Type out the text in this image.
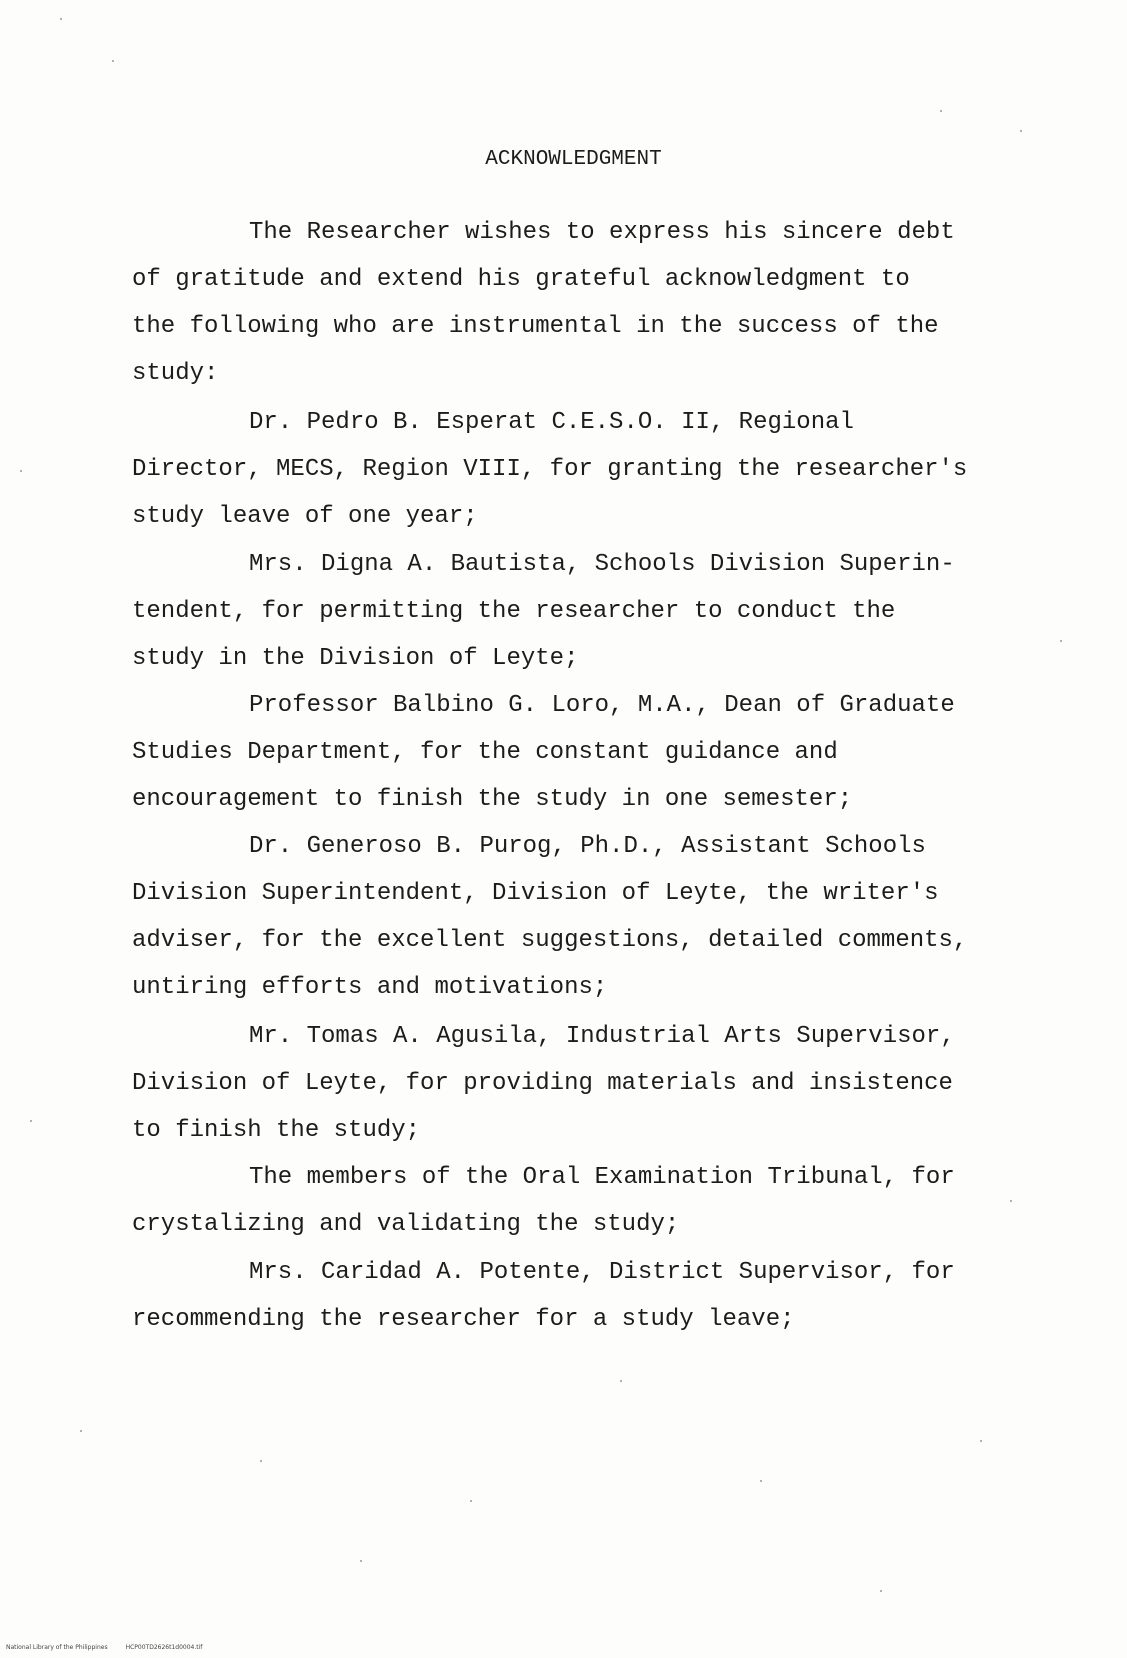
ACKNOWLEDGMENT
The Researcher wishes to express his sincere debt
of gratitude and extend his grateful acknowledgment to
the following who are instrumental in the success of the
study:
Dr. Pedro B. Esperat C.E.S.O. II, Regional
Director, MECS, Region VIII, for granting the researcher's
study leave of one year;
Mrs. Digna A. Bautista, Schools Division Superin-
tendent, for permitting the researcher to conduct the
study in the Division of Leyte;
Professor Balbino G. Loro, M.A., Dean of Graduate
Studies Department, for the constant guidance and
encouragement to finish the study in one semester;
Dr. Generoso B. Purog, Ph.D., Assistant Schools
Division Superintendent, Division of Leyte, the writer's
adviser, for the excellent suggestions, detailed comments,
untiring efforts and motivations;
Mr. Tomas A. Agusila, Industrial Arts Supervisor,
Division of Leyte, for providing materials and insistence
to finish the study;
The members of the Oral Examination Tribunal, for
crystalizing and validating the study;
Mrs. Caridad A. Potente, District Supervisor, for
recommending the researcher for a study leave;
National Library of the Philippines	HCP00TD2626t1d0004.tif
